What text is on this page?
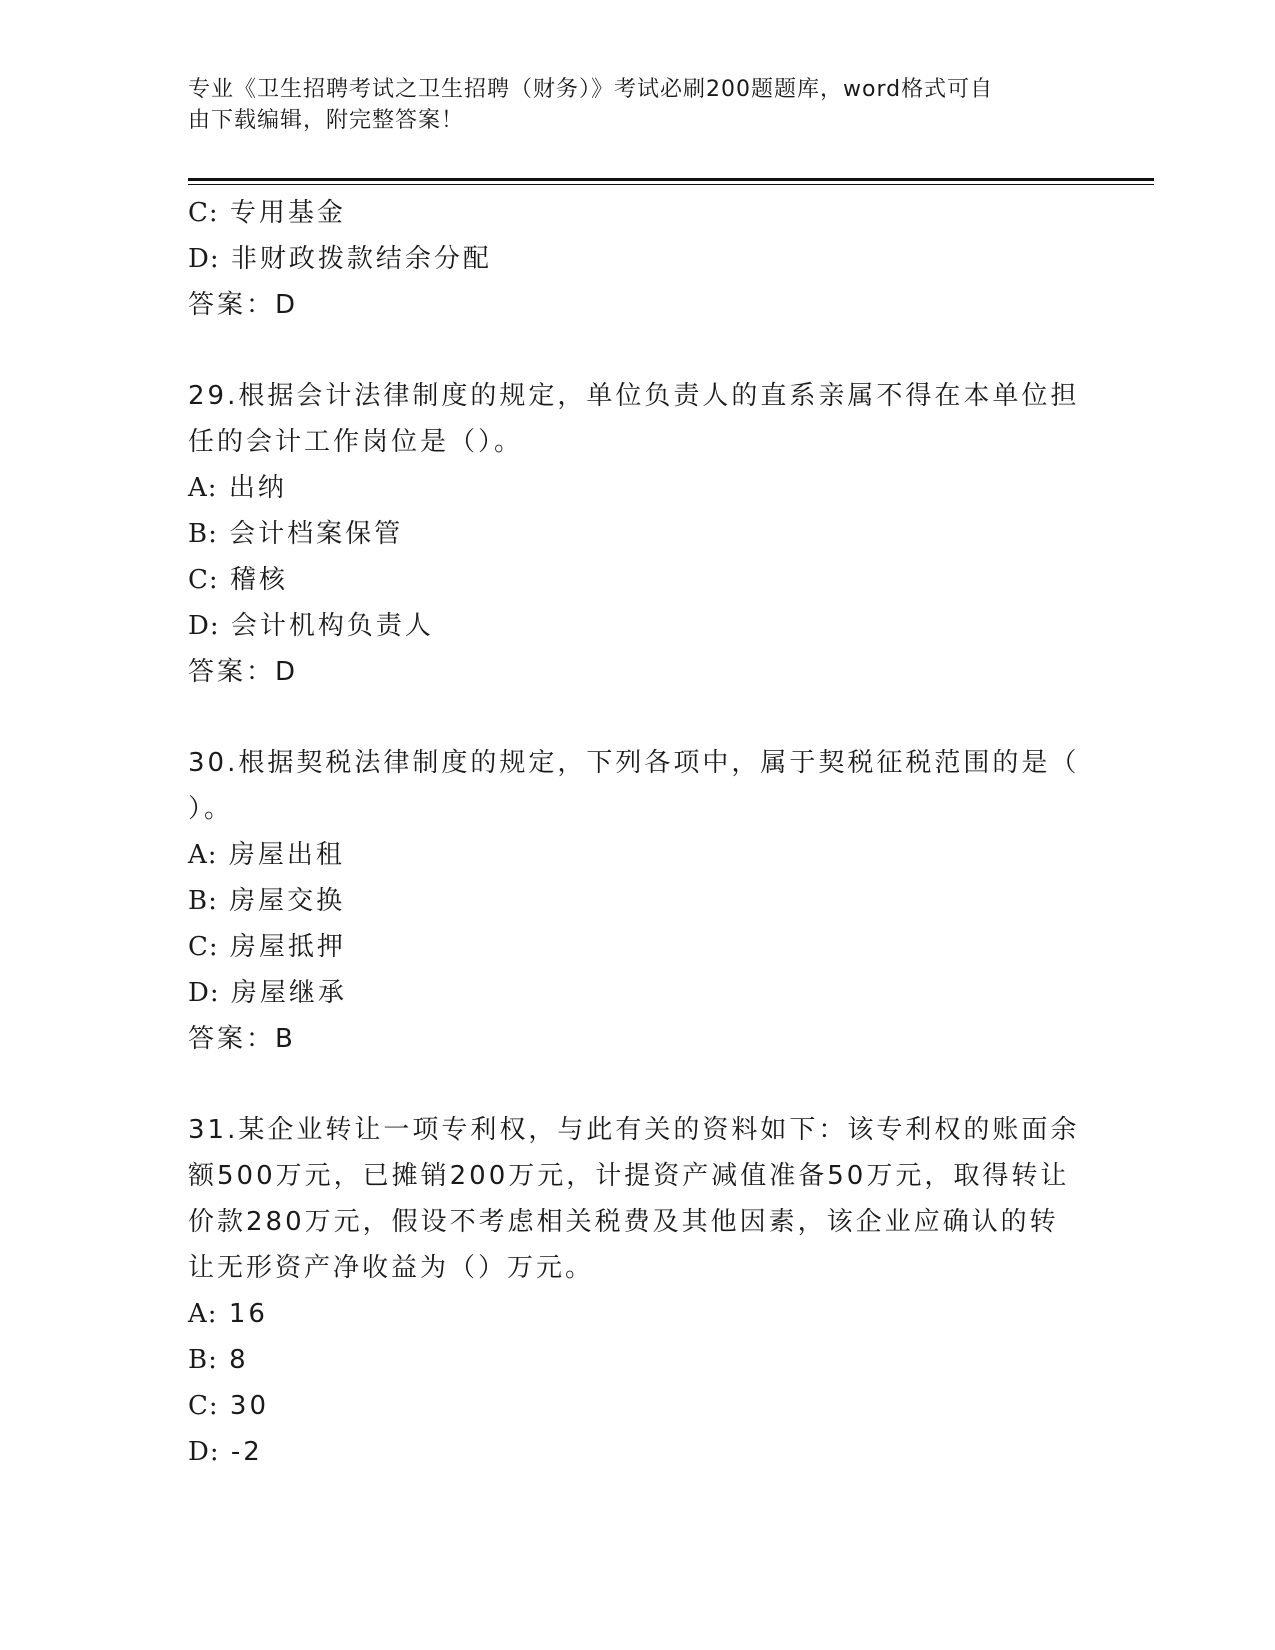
专业《卫生招聘考试之卫生招聘（财务）》考试必刷200题题库，word格式可自
由下载编辑，附完整答案！
C: 专用基金
D: 非财政拨款结余分配
答案：D
29.根据会计法律制度的规定，单位负责人的直系亲属不得在本单位担
任的会计工作岗位是（）。
A: 出纳
B: 会计档案保管
C: 稽核
D: 会计机构负责人
答案：D
30.根据契税法律制度的规定，下列各项中，属于契税征税范围的是（
）。
A: 房屋出租
B: 房屋交换
C: 房屋抵押
D: 房屋继承
答案：B
31.某企业转让一项专利权，与此有关的资料如下：该专利权的账面余
额500万元，已摊销200万元，计提资产减值准备50万元，取得转让
价款280万元，假设不考虑相关税费及其他因素，该企业应确认的转
让无形资产净收益为（）万元。
A: 16
B: 8
C: 30
D: -2
